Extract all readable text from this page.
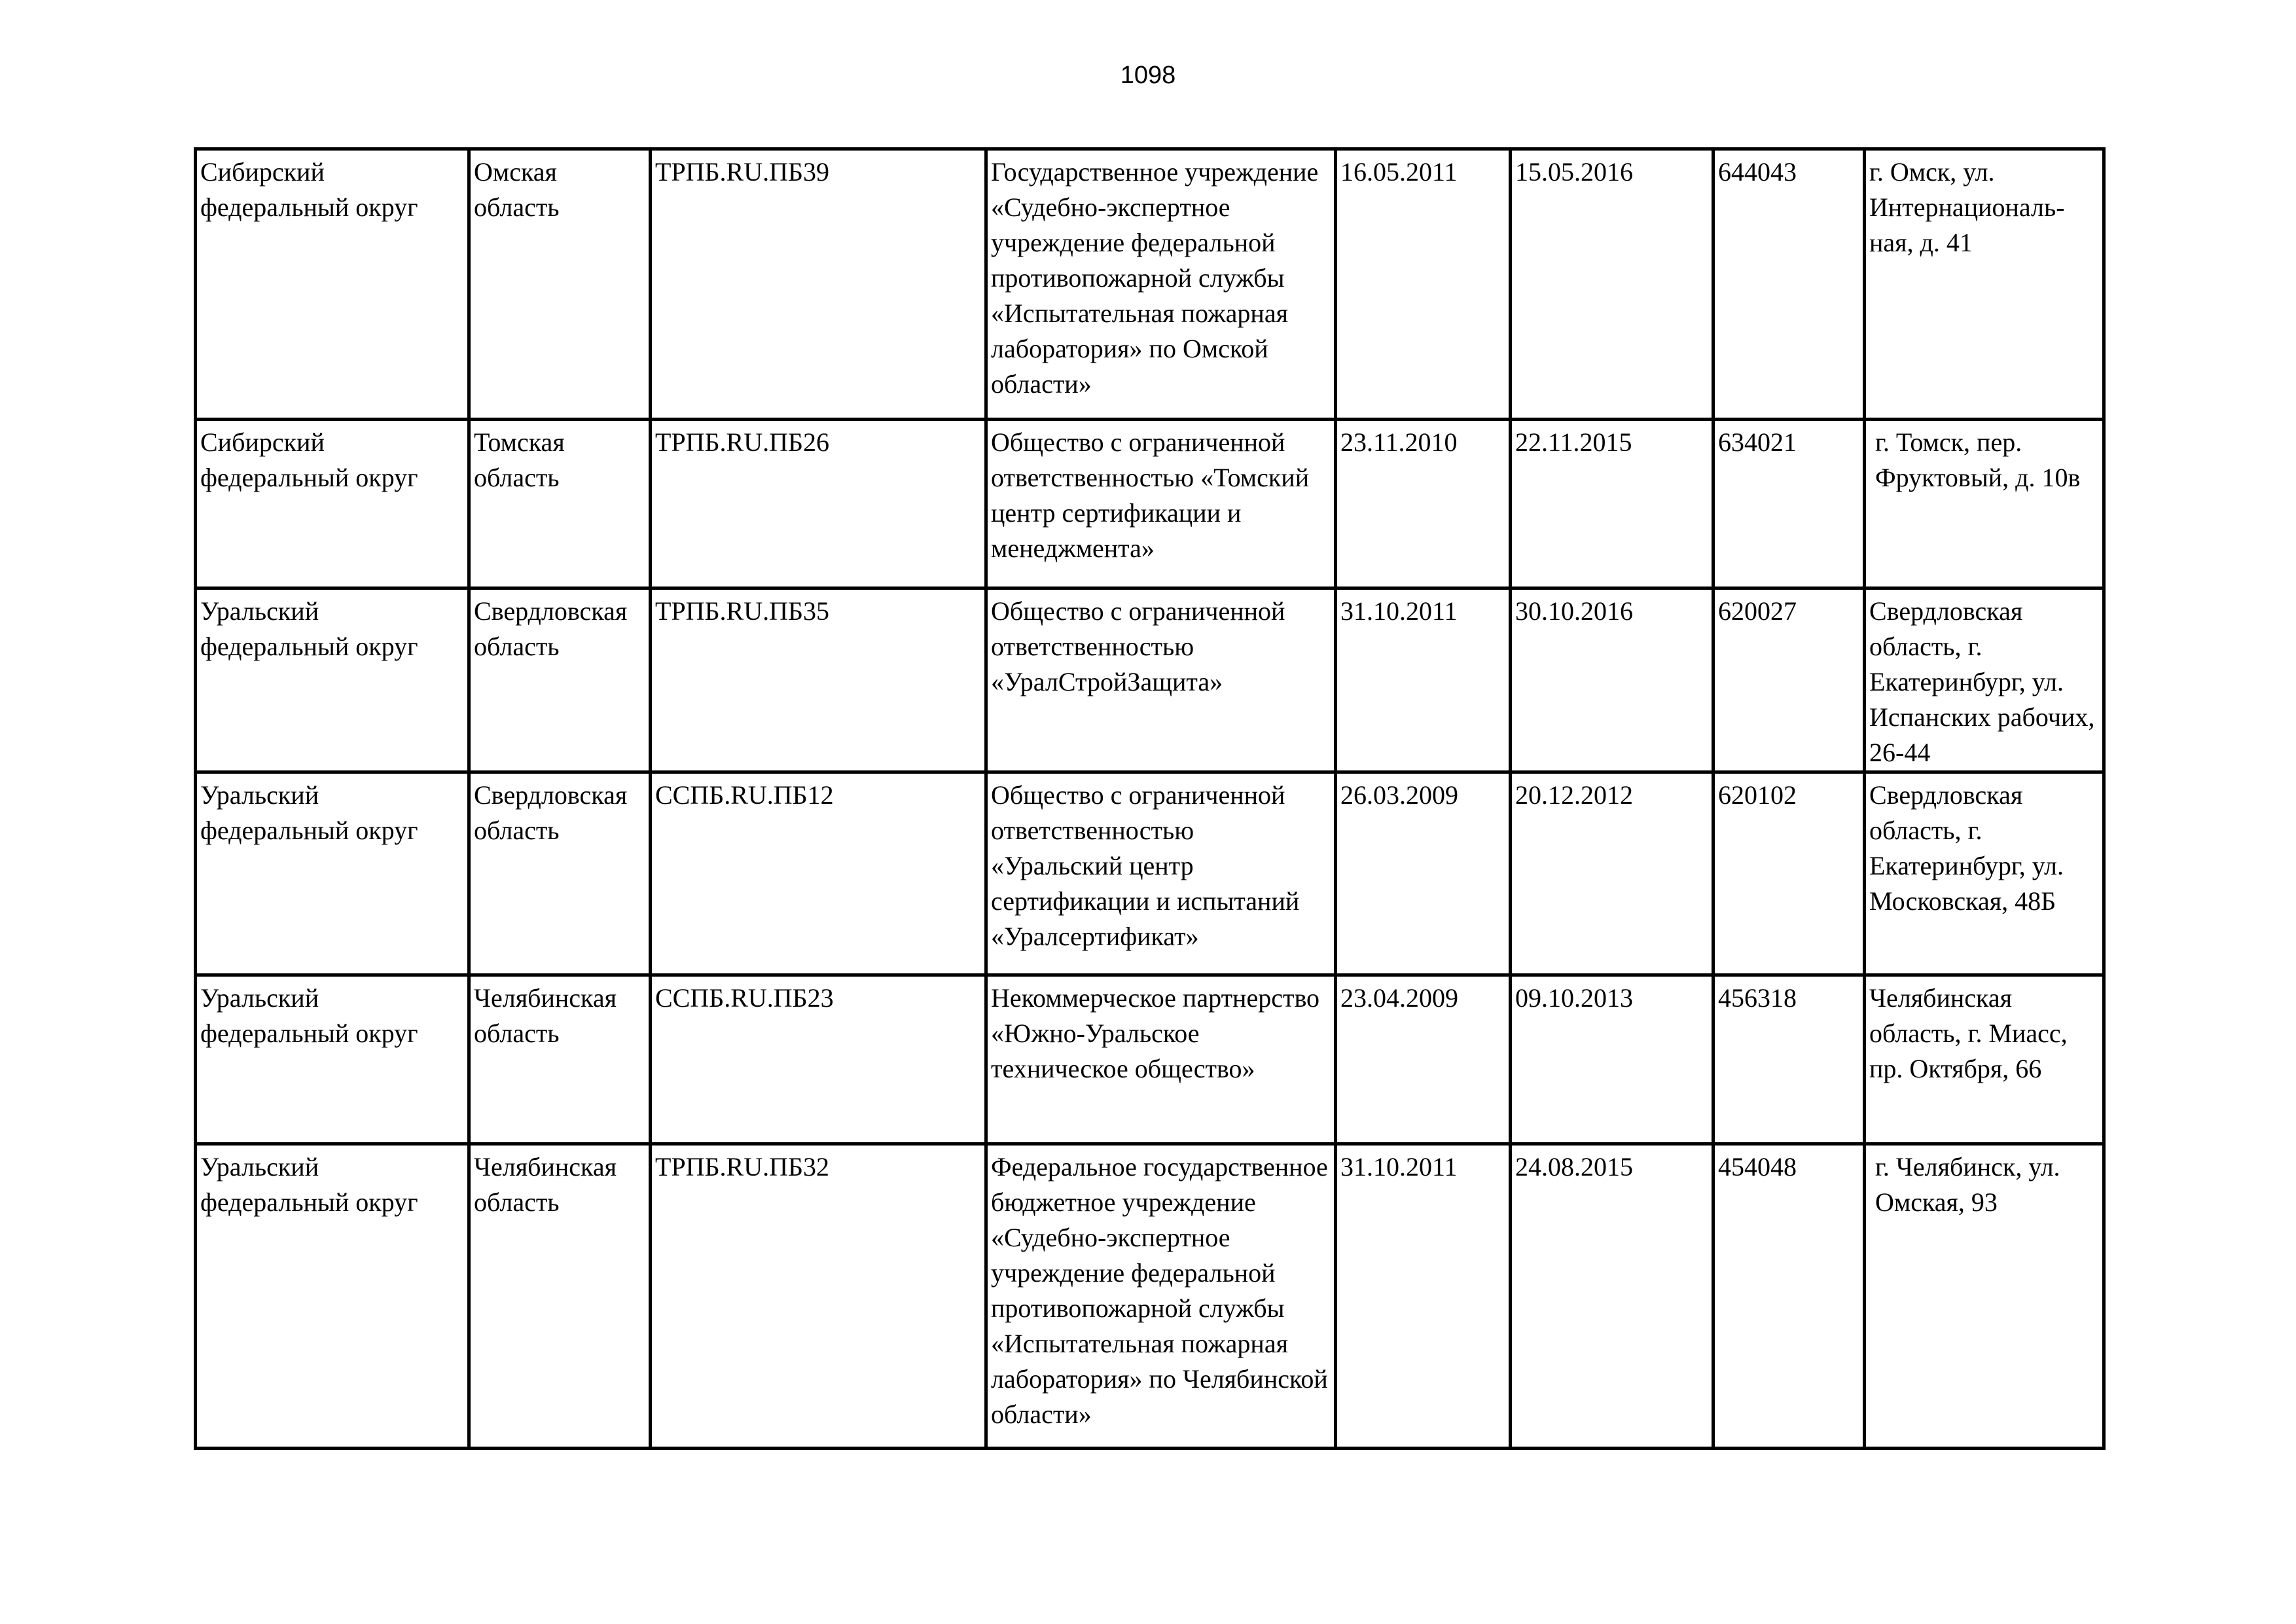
1098
Сибирский федеральный округ	Омская область	ТРПБ.RU.ПБ39	Государственное учреждение «Судебно-экспертное учреждение федеральной противопожарной службы «Испытательная пожарная лаборатория» по Омской области»	16.05.2011	15.05.2016	644043	г. Омск, ул. Интернациональ-ная, д. 41

Сибирский федеральный округ	Томская область	ТРПБ.RU.ПБ26	Общество с ограниченной ответственностью «Томский центр сертификации и менеджмента»	23.11.2010	22.11.2015	634021	г. Томск, пер. Фруктовый, д. 10в

Уральский федеральный округ	Свердловская область	ТРПБ.RU.ПБ35	Общество с ограниченной ответственностью «УралСтройЗащита»	31.10.2011	30.10.2016	620027	Свердловская область, г. Екатеринбург, ул. Испанских рабочих, 26-44

Уральский федеральный округ	Свердловская область	ССПБ.RU.ПБ12	Общество с ограниченной ответственностью «Уральский центр сертификации и испытаний «Уралсертификат»	26.03.2009	20.12.2012	620102	Свердловская область, г. Екатеринбург, ул. Московская, 48Б

Уральский федеральный округ	Челябинская область	ССПБ.RU.ПБ23	Некоммерческое партнерство «Южно-Уральское техническое общество»	23.04.2009	09.10.2013	456318	Челябинская область, г. Миасс, пр. Октября, 66

Уральский федеральный округ	Челябинская область	ТРПБ.RU.ПБ32	Федеральное государственное бюджетное учреждение «Судебно-экспертное учреждение федеральной противопожарной службы «Испытательная пожарная лаборатория» по Челябинской области»	31.10.2011	24.08.2015	454048	г. Челябинск, ул. Омская, 93
